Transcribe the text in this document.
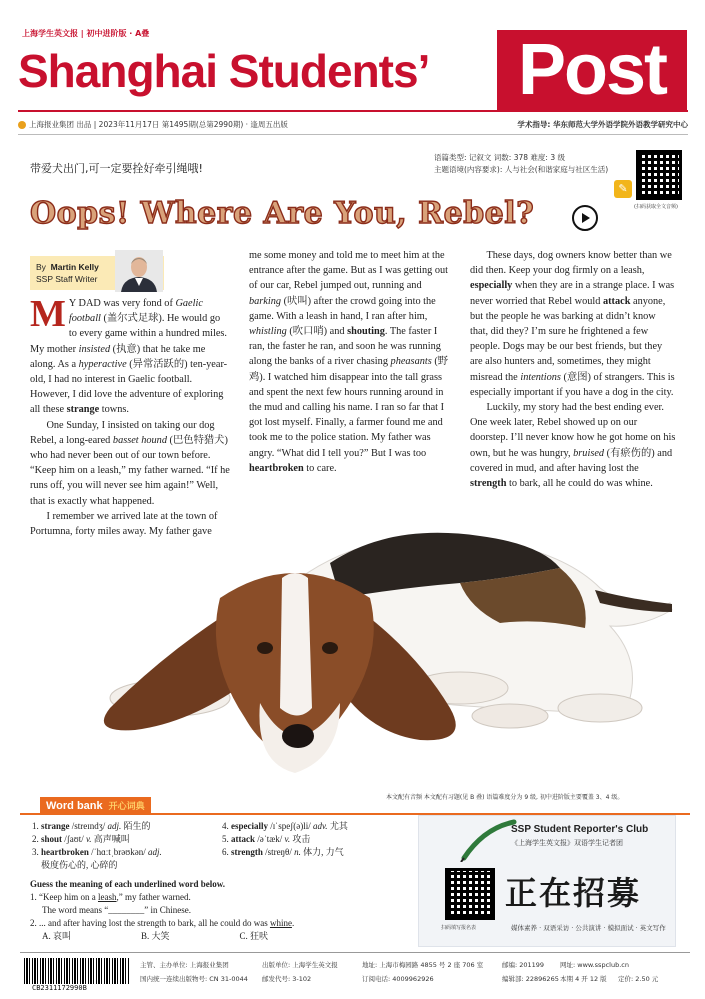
上海学生英文报 | 初中进阶版 · A叠
Shanghai Students’ Post
上海报业集团 出品 | 2023年11月17日 第1495期(总第2990期) · 逢周五出版	学术指导: 华东师范大学外语学院外语教学研究中心
带爱犬出门,可一定要拴好牵引绳哦!
语篇类型: 记叙文 词数: 378 难度: 3 级
主题语境(内容要求): 人与社会(和谐家庭与社区生活)
✎
(扫码获取全文音频)
Oops! Where Are You, Rebel?
By Martin Kelly
SSP Staff Writer

MY DAD was very fond of Gaelic football (盖尔式足球). He would go to every game within a hundred miles. My mother insisted (执意) that he take me along. As a hyperactive (异常活跃的) ten-year-old, I had no interest in Gaelic football. However, I did love the adventure of exploring all these strange towns.

One Sunday, I insisted on taking our dog Rebel, a long-eared basset hound (巴色特猎犬) who had never been out of our town before. “Keep him on a leash,” my father warned. “If he runs off, you will never see him again!” Well, that is exactly what happened.

I remember we arrived late at the town of Portumna, forty miles away. My father gave

me some money and told me to meet him at the entrance after the game. But as I was getting out of our car, Rebel jumped out, running and barking (吠叫) after the crowd going into the game. With a leash in hand, I ran after him, whistling (吹口哨) and shouting. The faster I ran, the faster he ran, and soon he was running along the banks of a river chasing pheasants (野鸡). I watched him disappear into the tall grass and spent the next few hours running around in the mud and calling his name. I ran so far that I got lost myself. Finally, a farmer found me and took me to the police station. My father was angry. “What did I tell you?” But I was too heartbroken to care.

These days, dog owners know better than we did then. Keep your dog firmly on a leash, especially when they are in a strange place. I was never worried that Rebel would attack anyone, but the people he was barking at didn’t know that, did they? I’m sure he frightened a few people. Dogs may be our best friends, but they are also hunters and, sometimes, they might misread the intentions (意图) of strangers. This is especially important if you have a dog in the city.

Luckily, my story had the best ending ever. One week later, Rebel showed up on our doorstep. I’ll never know how he got home on his own, but he was hungry, bruised (有瘀伤的) and covered in mud, and after having lost the strength to bark, all he could do was whine.

本文配有音频 本文配有习题(见 B 叠) 语篇难度分为 9 级, 初中进阶版主要覆盖 3、4 级。
Word bank 开心词典
1. strange /streɪndʒ/ adj. 陌生的
2. shout /ʃaʊt/ v. 高声喊叫
3. heartbroken /ˈhɑːtˌbrəʊkən/ adj.
极度伤心的, 心碎的
4. especially /ɪˈspeʃ(ə)li/ adv. 尤其
5. attack /əˈtæk/ v. 攻击
6. strength /streŋθ/ n. 体力, 力气
Guess the meaning of each underlined word below.
1. “Keep him on a leash,” my father warned.
The word means “________” in Chinese.
2. ... and after having lost the strength to bark, all he could do was whine.
A. 哀叫	B. 大笑	C. 狂吠
SSP Student Reporter's Club
《上海学生英文报》双语学生记者团
扫码填写报名表
正在招募
媒体素养 · 双语采访 · 公共演讲 · 模拟面试 · 英文写作
CB2311172990B
主管、主办单位: 上海报业集团	出版单位: 上海学生英文报	地址: 上海市梅园路 4855 号 2 座 706 室	邮编: 201199	网址: www.sspclub.cn
国内统一连续出版物号: CN 31-0044	邮发代号: 3-102	订阅电话: 4009962926	编辑部: 22896265 本期 4 开 12 版	定价: 2.50 元
